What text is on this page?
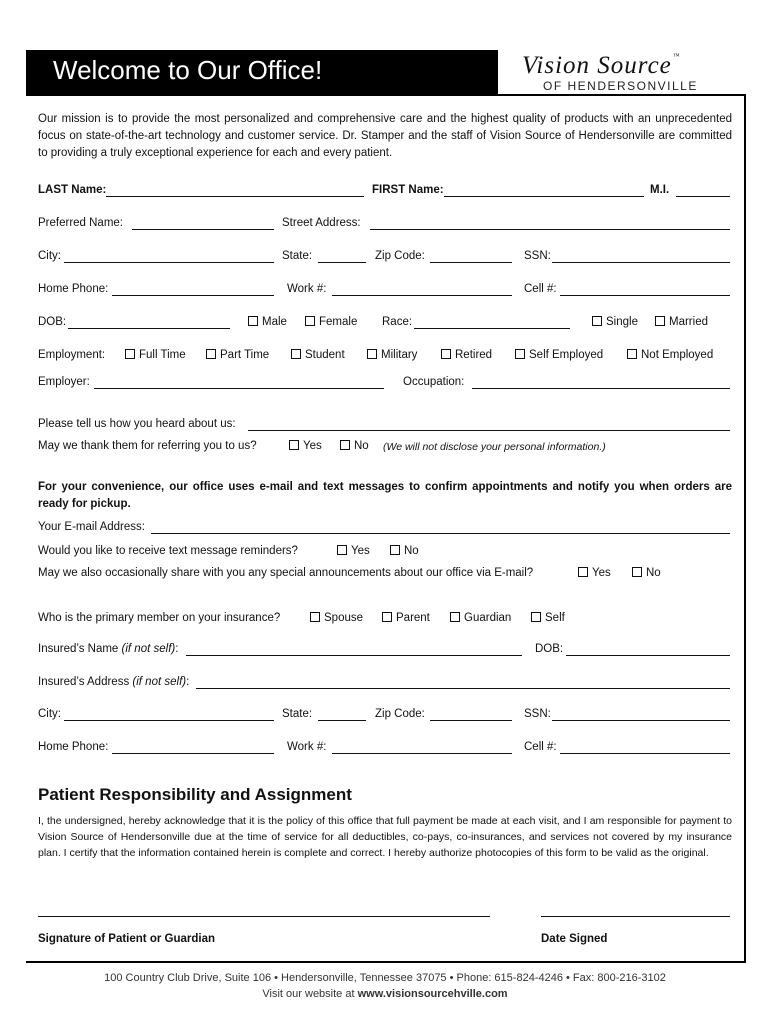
Welcome to Our Office!	Vision Source™
OF HENDERSONVILLE
Our mission is to provide the most personalized and comprehensive care and the highest quality of products with an unprecedented focus on state-of-the-art technology and customer service. Dr. Stamper and the staff of Vision Source of Hendersonville are committed to providing a truly exceptional experience for each and every patient.
LAST Name:	FIRST Name:	M.I.
Preferred Name:	Street Address:
City:	State:	Zip Code:	SSN:
Home Phone:	Work #:	Cell #:
DOB:	Male	Female Race:	Single	Married
Employment:	Full Time	Part Time	Student	Military	Retired	Self Employed	Not Employed
Employer:	Occupation:
Please tell us how you heard about us:
May we thank them for referring you to us?	Yes	No (We will not disclose your personal information.)
For your convenience, our office uses e-mail and text messages to confirm appointments and notify you when orders are ready for pickup.
Your E-mail Address:
Would you like to receive text message reminders?	Yes	No
May we also occasionally share with you any special announcements about our office via E-mail?	Yes	No
Who is the primary member on your insurance?	Spouse	Parent	Guardian	Self
Insured’s Name (if not self):	DOB:
Insured’s Address (if not self):
City:	State:	Zip Code:	SSN:
Home Phone:	Work #:	Cell #:
Patient Responsibility and Assignment
I, the undersigned, hereby acknowledge that it is the policy of this office that full payment be made at each visit, and I am responsible for payment to Vision Source of Hendersonville due at the time of service for all deductibles, co-pays, co-insurances, and services not covered by my insurance plan. I certify that the information contained herein is complete and correct. I hereby authorize photocopies of this form to be valid as the original.
Signature of Patient or Guardian	Date Signed
100 Country Club Drive, Suite 106 • Hendersonville, Tennessee 37075 • Phone: 615-824-4246 • Fax: 800-216-3102
Visit our website at www.visionsourcehville.com
